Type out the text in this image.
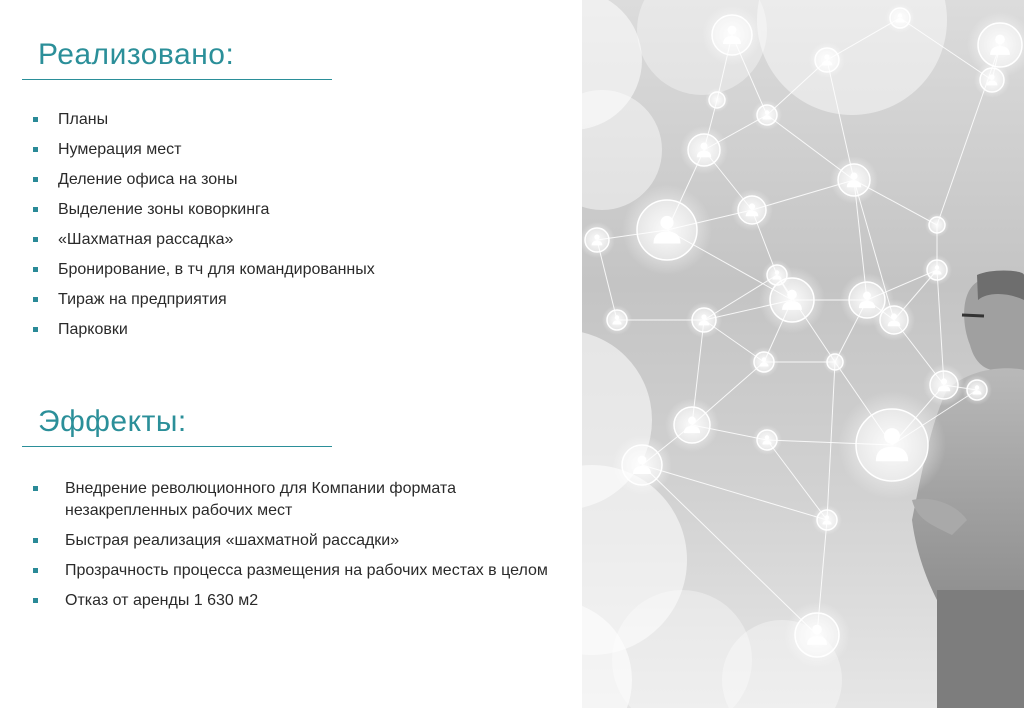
Реализовано:
Планы
Нумерация мест
Деление офиса на зоны
Выделение зоны коворкинга
«Шахматная рассадка»
Бронирование, в тч для командированных
Тираж на предприятия
Парковки
Эффекты:
Внедрение революционного для Компании формата незакрепленных рабочих мест
Быстрая реализация «шахматной рассадки»
Прозрачность процесса размещения на рабочих местах в целом
Отказ от аренды 1 630 м2
